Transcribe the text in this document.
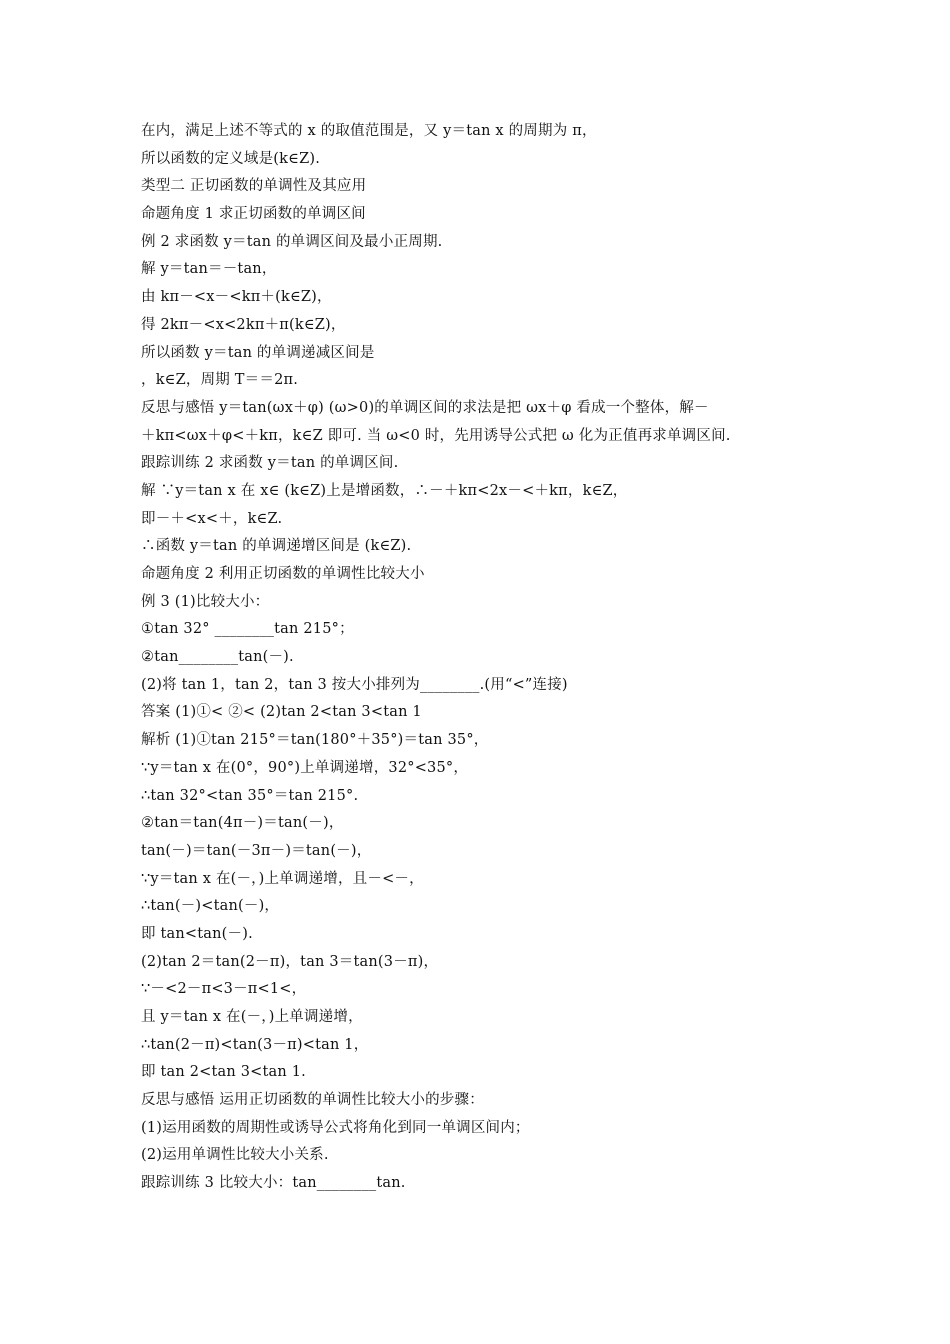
在内，满足上述不等式的 x 的取值范围是，又 y＝tan x 的周期为 π，
所以函数的定义域是(k∈Z).
类型二 正切函数的单调性及其应用
命题角度 1 求正切函数的单调区间
例 2 求函数 y＝tan 的单调区间及最小正周期.
解 y＝tan＝－tan，
由 kπ－<x－<kπ＋(k∈Z)，
得 2kπ－<x<2kπ＋π(k∈Z)，
所以函数 y＝tan 的单调递减区间是
，k∈Z，周期 T＝＝2π.
反思与感悟 y＝tan(ωx＋φ) (ω>0)的单调区间的求法是把 ωx＋φ 看成一个整体，解－
＋kπ<ωx＋φ<＋kπ，k∈Z 即可. 当 ω<0 时，先用诱导公式把 ω 化为正值再求单调区间.
跟踪训练 2 求函数 y＝tan 的单调区间.
解 ∵y＝tan x 在 x∈ (k∈Z)上是增函数，∴－＋kπ<2x－<＋kπ，k∈Z，
即－＋<x<＋，k∈Z.
∴函数 y＝tan 的单调递增区间是 (k∈Z).
命题角度 2 利用正切函数的单调性比较大小
例 3 (1)比较大小：
①tan 32° ________tan 215°；
②tan________tan(－).
(2)将 tan 1，tan 2，tan 3 按大小排列为________.(用“<”连接)
答案 (1)①< ②< (2)tan 2<tan 3<tan 1
解析 (1)①tan 215°＝tan(180°＋35°)＝tan 35°，
∵y＝tan x 在(0°，90°)上单调递增，32°<35°，
∴tan 32°<tan 35°＝tan 215°.
②tan＝tan(4π－)＝tan(－)，
tan(－)＝tan(－3π－)＝tan(－)，
∵y＝tan x 在(－，)上单调递增，且－<－，
∴tan(－)<tan(－)，
即 tan<tan(－).
(2)tan 2＝tan(2－π)，tan 3＝tan(3－π)，
∵－<2－π<3－π<1<，
且 y＝tan x 在(－，)上单调递增，
∴tan(2－π)<tan(3－π)<tan 1，
即 tan 2<tan 3<tan 1.
反思与感悟 运用正切函数的单调性比较大小的步骤：
(1)运用函数的周期性或诱导公式将角化到同一单调区间内；
(2)运用单调性比较大小关系.
跟踪训练 3 比较大小：tan________tan.
